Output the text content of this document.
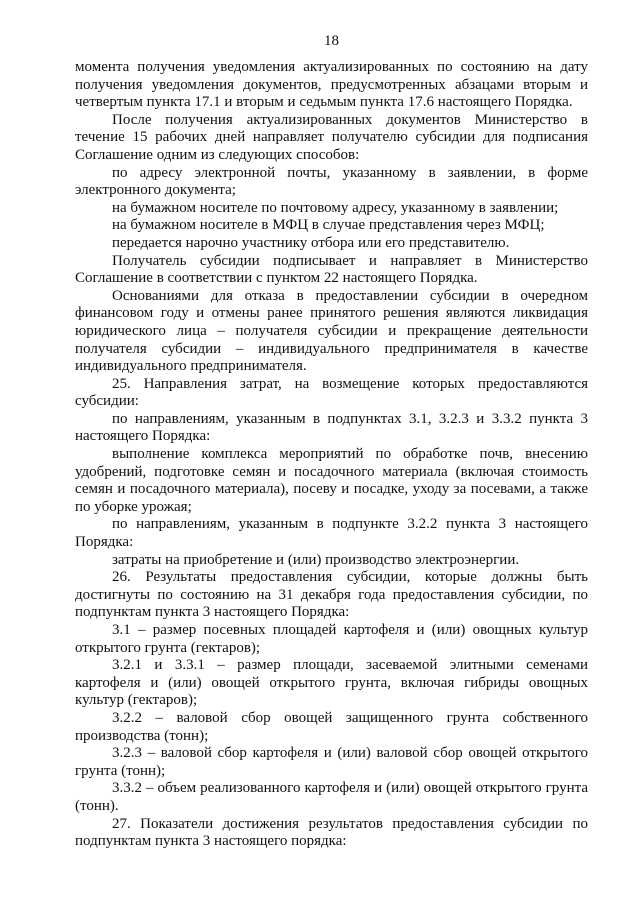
18

момента получения уведомления актуализированных по состоянию на дату получения уведомления документов, предусмотренных абзацами вторым и четвертым пункта 17.1 и вторым и седьмым пункта 17.6 настоящего Порядка.

После получения актуализированных документов Министерство в течение 15 рабочих дней направляет получателю субсидии для подписания Соглашение одним из следующих способов:

по адресу электронной почты, указанному в заявлении, в форме электронного документа;

на бумажном носителе по почтовому адресу, указанному в заявлении;

на бумажном носителе в МФЦ в случае представления через МФЦ;

передается нарочно участнику отбора или его представителю.

Получатель субсидии подписывает и направляет в Министерство Соглашение в соответствии с пунктом 22 настоящего Порядка.

Основаниями для отказа в предоставлении субсидии в очередном финансовом году и отмены ранее принятого решения являются ликвидация юридического лица – получателя субсидии и прекращение деятельности получателя субсидии – индивидуального предпринимателя в качестве индивидуального предпринимателя.

25. Направления затрат, на возмещение которых предоставляются субсидии:

по направлениям, указанным в подпунктах 3.1, 3.2.3 и 3.3.2 пункта 3 настоящего Порядка:

выполнение комплекса мероприятий по обработке почв, внесению удобрений, подготовке семян и посадочного материала (включая стоимость семян и посадочного материала), посеву и посадке, уходу за посевами, а также по уборке урожая;

по направлениям, указанным в подпункте 3.2.2 пункта 3 настоящего Порядка:

затраты на приобретение и (или) производство электроэнергии.

26. Результаты предоставления субсидии, которые должны быть достигнуты по состоянию на 31 декабря года предоставления субсидии, по подпунктам пункта 3 настоящего Порядка:

3.1 – размер посевных площадей картофеля и (или) овощных культур открытого грунта (гектаров);

3.2.1 и 3.3.1 – размер площади, засеваемой элитными семенами картофеля и (или) овощей открытого грунта, включая гибриды овощных культур (гектаров);

3.2.2 – валовой сбор овощей защищенного грунта собственного производства (тонн);

3.2.3 – валовой сбор картофеля и (или) валовой сбор овощей открытого грунта (тонн);

3.3.2 – объем реализованного картофеля и (или) овощей открытого грунта (тонн).

27. Показатели достижения результатов предоставления субсидии по подпунктам пункта 3 настоящего порядка:
